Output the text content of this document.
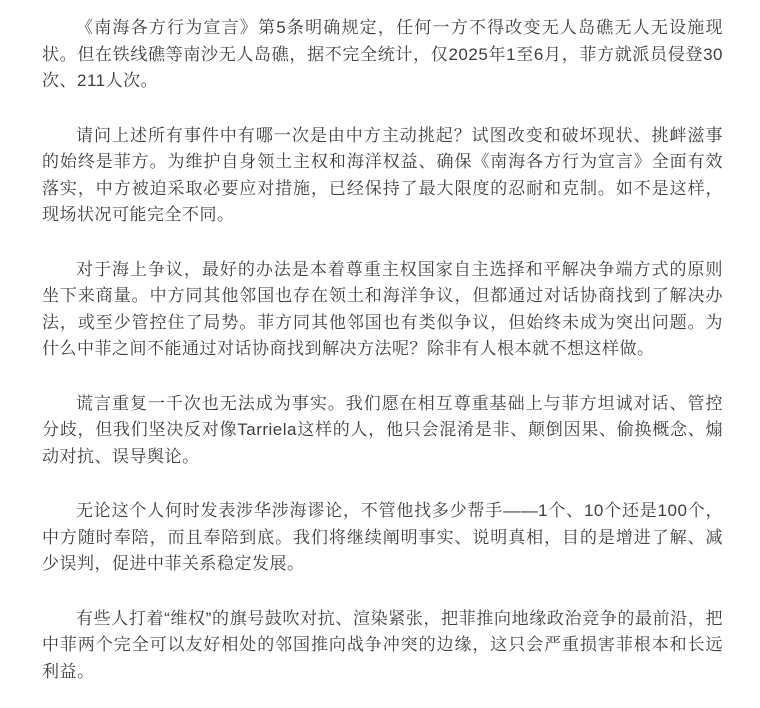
《南海各方行为宣言》第5条明确规定，任何一方不得改变无人岛礁无人无设施现状。但在铁线礁等南沙无人岛礁，据不完全统计，仅2025年1至6月，菲方就派员侵登30次、211人次。

请问上述所有事件中有哪一次是由中方主动挑起？试图改变和破坏现状、挑衅滋事的始终是菲方。为维护自身领土主权和海洋权益、确保《南海各方行为宣言》全面有效落实，中方被迫采取必要应对措施，已经保持了最大限度的忍耐和克制。如不是这样，现场状况可能完全不同。

对于海上争议，最好的办法是本着尊重主权国家自主选择和平解决争端方式的原则坐下来商量。中方同其他邻国也存在领土和海洋争议，但都通过对话协商找到了解决办法，或至少管控住了局势。菲方同其他邻国也有类似争议，但始终未成为突出问题。为什么中菲之间不能通过对话协商找到解决方法呢？除非有人根本就不想这样做。

谎言重复一千次也无法成为事实。我们愿在相互尊重基础上与菲方坦诚对话、管控分歧，但我们坚决反对像Tarriela这样的人，他只会混淆是非、颠倒因果、偷换概念、煽动对抗、误导舆论。

无论这个人何时发表涉华涉海谬论，不管他找多少帮手——1个、10个还是100个，中方随时奉陪，而且奉陪到底。我们将继续阐明事实、说明真相，目的是增进了解、减少误判，促进中菲关系稳定发展。

有些人打着“维权”的旗号鼓吹对抗、渲染紧张，把菲推向地缘政治竞争的最前沿，把中菲两个完全可以友好相处的邻国推向战争冲突的边缘，这只会严重损害菲根本和长远利益。
